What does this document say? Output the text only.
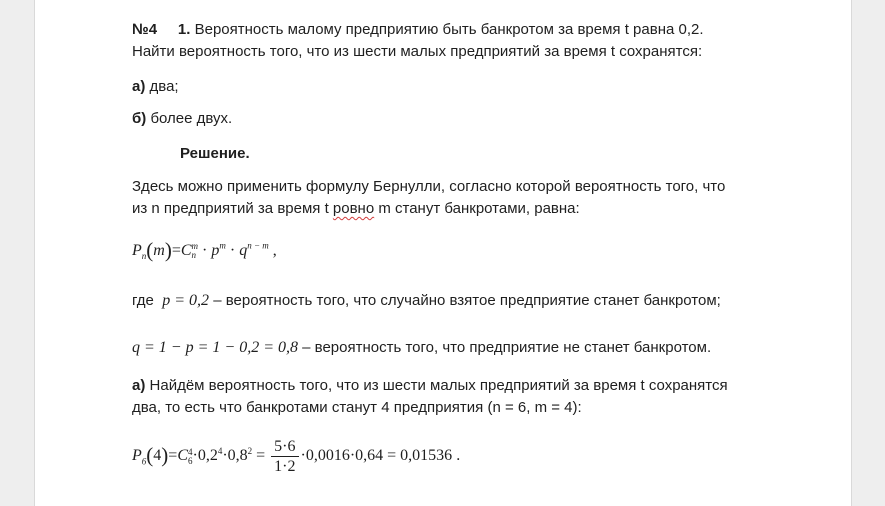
№4 1. Вероятность малому предприятию быть банкротом за время t равна 0,2.
Найти вероятность того, что из шести малых предприятий за время t сохранятся:
а) два;
б) более двух.
Решение.
Здесь можно применить формулу Бернулли, согласно которой вероятность того, что
из n предприятий за время t ровно m станут банкротами, равна:
$P_n(m)=C$ m
$n \cdot p^m \cdot q^{n - m}$ ,
где p = 0,2 – вероятность того, что случайно взятое предприятие станет банкротом;
q = 1 − p = 1 − 0,2 = 0,8 – вероятность того, что предприятие не станет банкротом.
а) Найдём вероятность того, что из шести малых предприятий за время t сохранятся
два, то есть что банкротами станут 4 предприятия (n = 6, m = 4):
$P_6(4)=C$ 4
$6 \cdot 0,2^4\cdot 0,8^2 = \frac{5\cdot 6}{1\cdot 2} \cdot 0,0016\cdot 0,64 = 0,01536$ .
